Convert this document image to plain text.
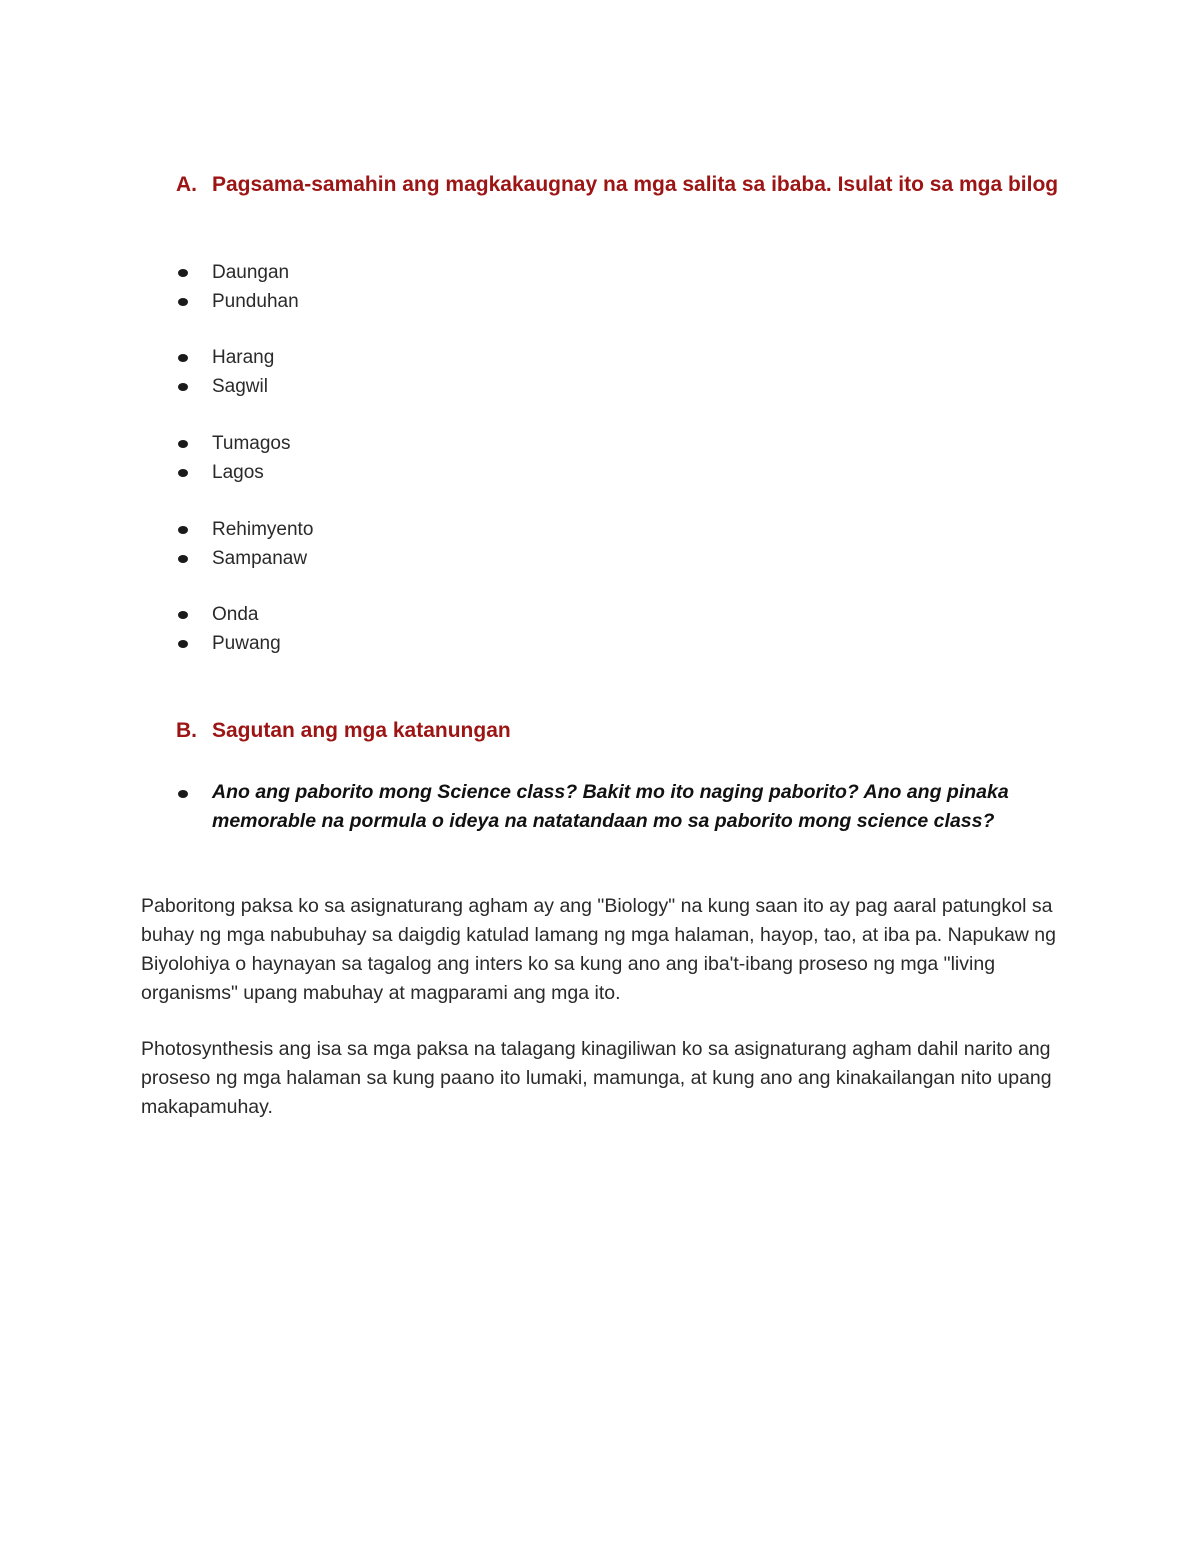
A. Pagsama-samahin ang magkakaugnay na mga salita sa ibaba. Isulat ito sa mga bilog
Daungan
Punduhan
Harang
Sagwil
Tumagos
Lagos
Rehimyento
Sampanaw
Onda
Puwang
B. Sagutan ang mga katanungan
Ano ang paborito mong Science class? Bakit mo ito naging paborito? Ano ang pinaka memorable na pormula o ideya na natatandaan mo sa paborito mong science class?
Paboritong paksa ko sa asignaturang agham ay ang "Biology" na kung saan ito ay pag aaral patungkol sa buhay ng mga nabubuhay sa daigdig katulad lamang ng mga halaman, hayop, tao, at iba pa. Napukaw ng Biyolohiya o haynayan sa tagalog ang inters ko sa kung ano ang iba't-ibang proseso ng mga "living organisms" upang mabuhay at magparami ang mga ito.
Photosynthesis ang isa sa mga paksa na talagang kinagiliwan ko sa asignaturang agham dahil narito ang proseso ng mga halaman sa kung paano ito lumaki, mamunga, at kung ano ang kinakailangan nito upang makapamuhay.
